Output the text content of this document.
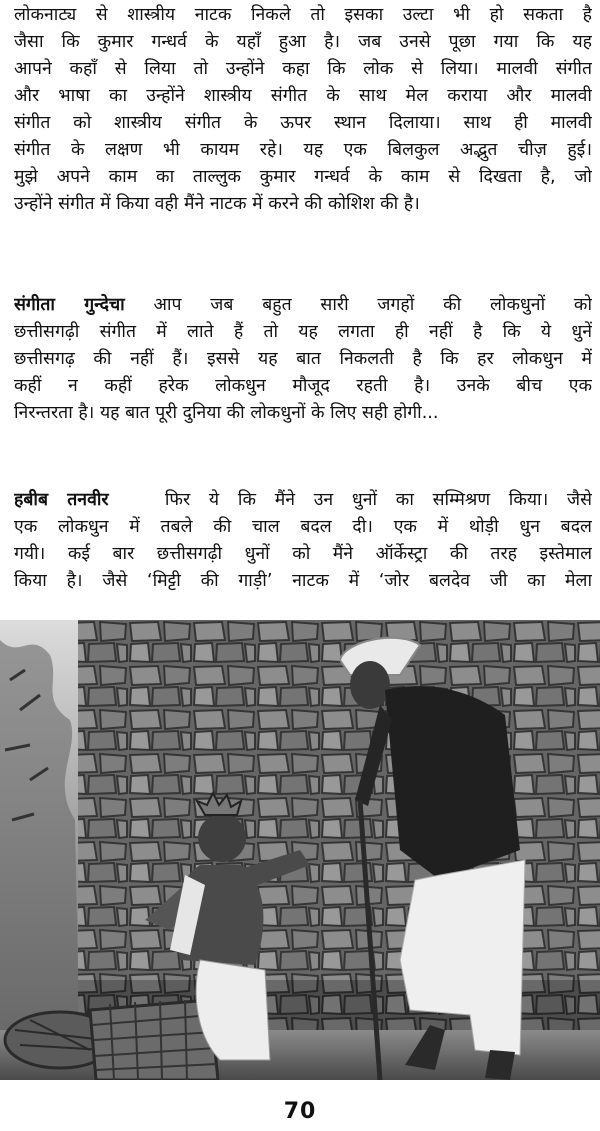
लोकनाट्य से शास्त्रीय नाटक निकले तो इसका उल्टा भी हो सकता है
जैसा कि कुमार गन्धर्व के यहाँ हुआ है। जब उनसे पूछा गया कि यह
आपने कहाँ से लिया तो उन्होंने कहा कि लोक से लिया। मालवी संगीत
और भाषा का उन्होंने शास्त्रीय संगीत के साथ मेल कराया और मालवी
संगीत को शास्त्रीय संगीत के ऊपर स्थान दिलाया। साथ ही मालवी
संगीत के लक्षण भी कायम रहे। यह एक बिलकुल अद्भुत चीज़ हुई।
मुझे अपने काम का ताल्लुक कुमार गन्धर्व के काम से दिखता है, जो
उन्होंने संगीत में किया वही मैंने नाटक में करने की कोशिश की है।
संगीता गुन्देचा आप जब बहुत सारी जगहों की लोकधुनों को
छत्तीसगढ़ी संगीत में लाते हैं तो यह लगता ही नहीं है कि ये धुनें
छत्तीसगढ़ की नहीं हैं। इससे यह बात निकलती है कि हर लोकधुन में
कहीं न कहीं हरेक लोकधुन मौजूद रहती है। उनके बीच एक
निरन्तरता है। यह बात पूरी दुनिया की लोकधुनों के लिए सही होगी...
हबीब तनवीर   फिर ये कि मैंने उन धुनों का सम्मिश्रण किया। जैसे
एक लोकधुन में तबले की चाल बदल दी। एक में थोड़ी धुन बदल
गयी। कई बार छत्तीसगढ़ी धुनों को मैंने ऑर्केस्ट्रा की तरह इस्तेमाल
किया है। जैसे ‘मिट्टी की गाड़ी’ नाटक में ‘जोर बलदेव जी का मेला
70
